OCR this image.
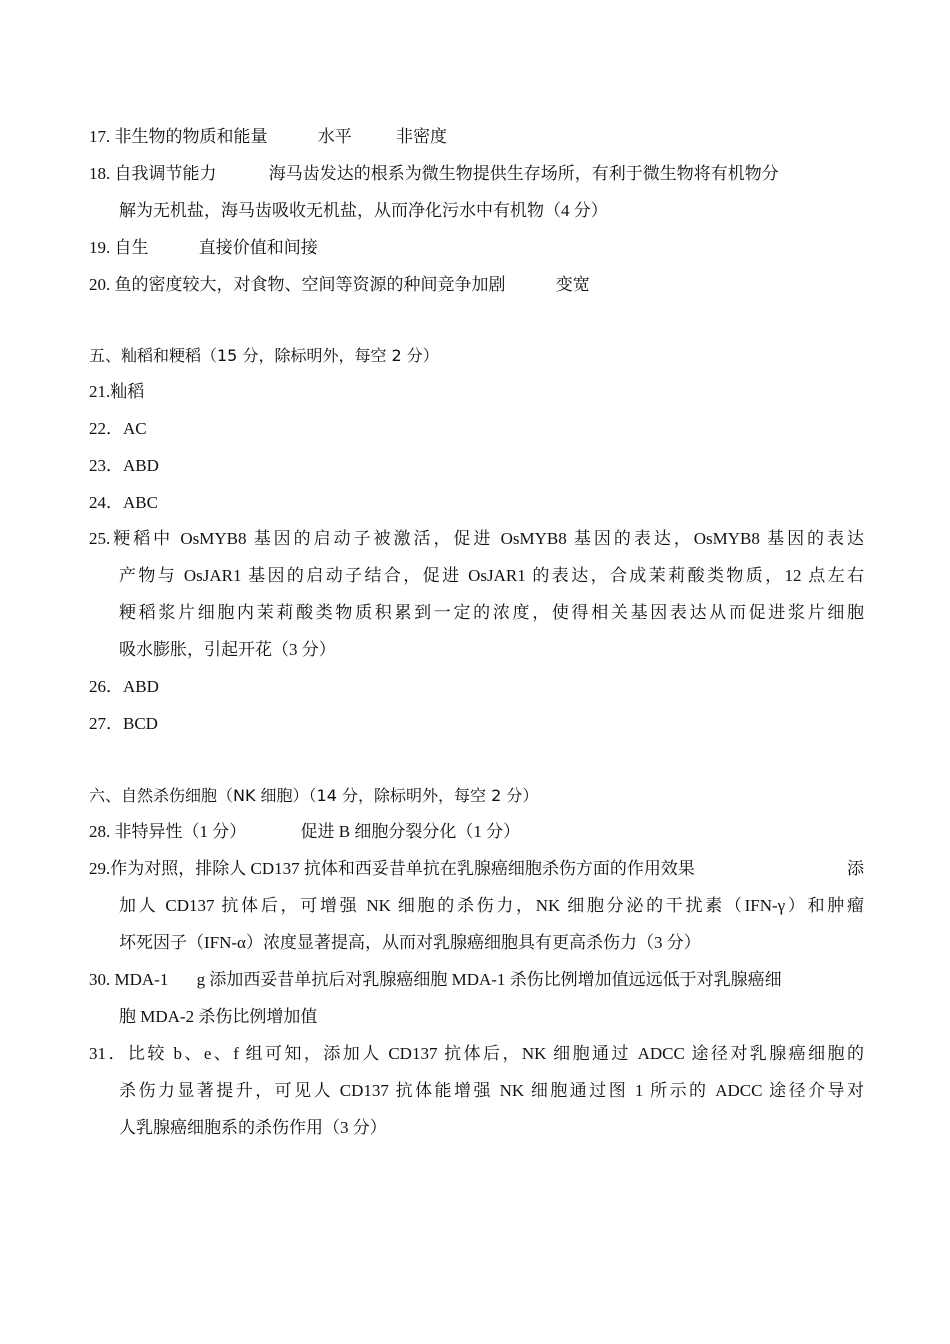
17. 非生物的物质和能量	水平	非密度
18. 自我调节能力	海马齿发达的根系为微生物提供生存场所，有利于微生物将有机物分
解为无机盐，海马齿吸收无机盐，从而净化污水中有机物（4 分）
19. 自生	直接价值和间接
20. 鱼的密度较大，对食物、空间等资源的种间竞争加剧	变宽
五、籼稻和粳稻（15 分，除标明外，每空 2 分）
21.籼稻
22．AC
23．ABD
24．ABC
25.粳稻中 OsMYB8 基因的启动子被激活，促进 OsMYB8 基因的表达，OsMYB8 基因的表达
产物与 OsJAR1 基因的启动子结合，促进 OsJAR1 的表达，合成茉莉酸类物质，12 点左右
粳稻浆片细胞内茉莉酸类物质积累到一定的浓度，使得相关基因表达从而促进浆片细胞
吸水膨胀，引起开花（3 分）
26．ABD
27．BCD
六、自然杀伤细胞（NK 细胞）（14 分，除标明外，每空 2 分）
28. 非特异性（1 分）	促进 B 细胞分裂分化（1 分）
29.作为对照，排除人 CD137 抗体和西妥昔单抗在乳腺癌细胞杀伤方面的作用效果	添
加人 CD137 抗体后，可增强 NK 细胞的杀伤力，NK 细胞分泌的干扰素（IFN-γ）和肿瘤
坏死因子（IFN-α）浓度显著提高，从而对乳腺癌细胞具有更高杀伤力（3 分）
30. MDA-1 g 添加西妥昔单抗后对乳腺癌细胞 MDA-1 杀伤比例增加值远远低于对乳腺癌细
胞 MDA-2 杀伤比例增加值
31．比较 b、e、f 组可知，添加人 CD137 抗体后，NK 细胞通过 ADCC 途径对乳腺癌细胞的
杀伤力显著提升，可见人 CD137 抗体能增强 NK 细胞通过图 1 所示的 ADCC 途径介导对
人乳腺癌细胞系的杀伤作用（3 分）
